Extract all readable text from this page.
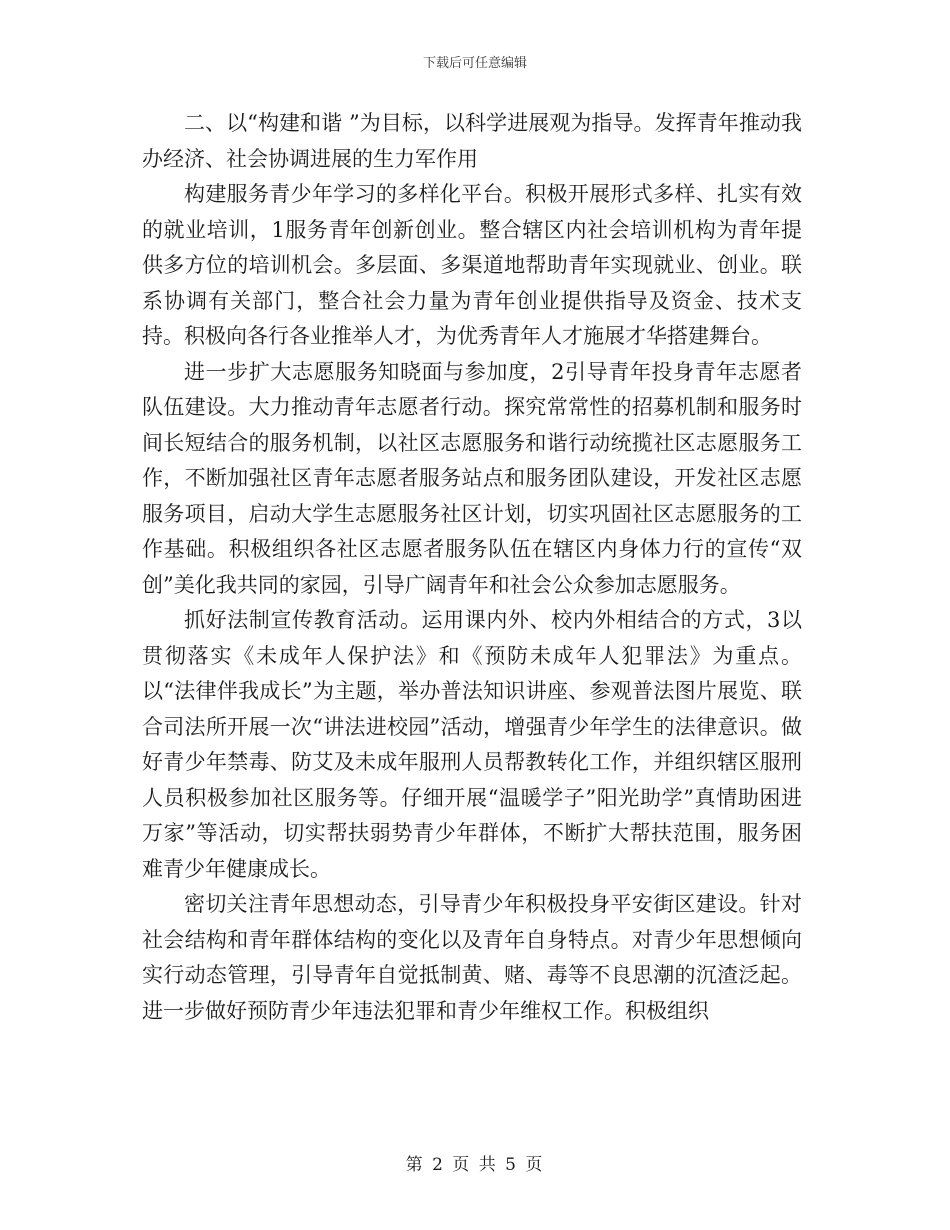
下载后可任意编辑

二、以“构建和谐 ”为目标，以科学进展观为指导。发挥青年推动我办经济、社会协调进展的生力军作用

构建服务青少年学习的多样化平台。积极开展形式多样、扎实有效的就业培训，1服务青年创新创业。整合辖区内社会培训机构为青年提供多方位的培训机会。多层面、多渠道地帮助青年实现就业、创业。联系协调有关部门，整合社会力量为青年创业提供指导及资金、技术支持。积极向各行各业推举人才，为优秀青年人才施展才华搭建舞台。

进一步扩大志愿服务知晓面与参加度，2引导青年投身青年志愿者队伍建设。大力推动青年志愿者行动。探究常常性的招募机制和服务时间长短结合的服务机制，以社区志愿服务和谐行动统揽社区志愿服务工作，不断加强社区青年志愿者服务站点和服务团队建设，开发社区志愿服务项目，启动大学生志愿服务社区计划，切实巩固社区志愿服务的工作基础。积极组织各社区志愿者服务队伍在辖区内身体力行的宣传“双创”美化我共同的家园，引导广阔青年和社会公众参加志愿服务。

抓好法制宣传教育活动。运用课内外、校内外相结合的方式，3以贯彻落实《未成年人保护法》和《预防未成年人犯罪法》为重点。以“法律伴我成长”为主题，举办普法知识讲座、参观普法图片展览、联合司法所开展一次“讲法进校园”活动，增强青少年学生的法律意识。做好青少年禁毒、防艾及未成年服刑人员帮教转化工作，并组织辖区服刑人员积极参加社区服务等。仔细开展“温暖学子”阳光助学”真情助困进万家”等活动，切实帮扶弱势青少年群体，不断扩大帮扶范围，服务困难青少年健康成长。

密切关注青年思想动态，引导青少年积极投身平安街区建设。针对社会结构和青年群体结构的变化以及青年自身特点。对青少年思想倾向实行动态管理，引导青年自觉抵制黄、赌、毒等不良思潮的沉渣泛起。进一步做好预防青少年违法犯罪和青少年维权工作。积极组织

第 2 页 共 5 页
